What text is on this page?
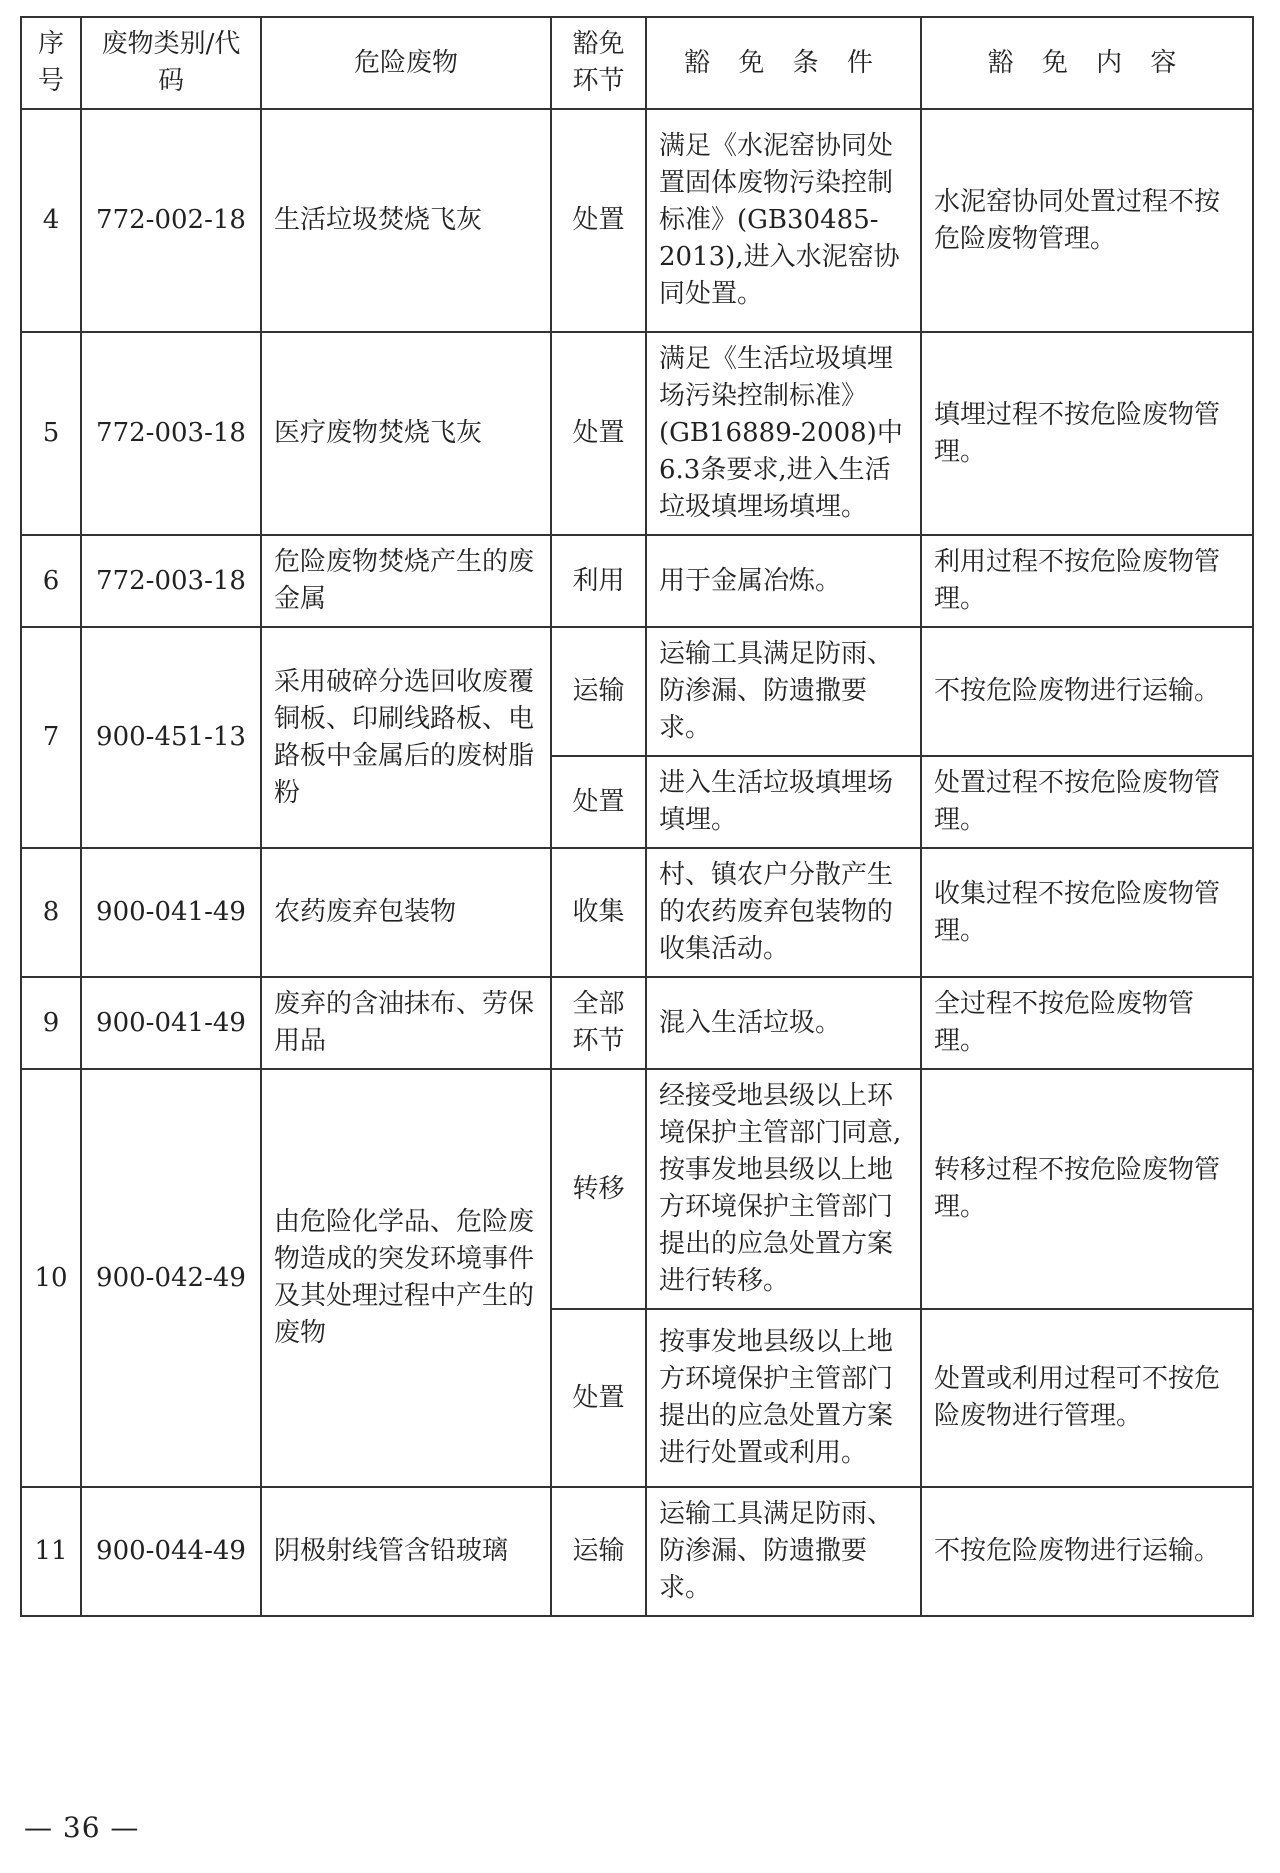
序号	废物类别/代码	危险废物	豁免环节	豁 免 条 件	豁 免 内 容
4	772-002-18	生活垃圾焚烧飞灰	处置	满足《水泥窑协同处置固体废物污染控制标准》(GB30485-2013),进入水泥窑协同处置。	水泥窑协同处置过程不按危险废物管理。
5	772-003-18	医疗废物焚烧飞灰	处置	满足《生活垃圾填埋场污染控制标准》(GB16889-2008)中6.3条要求,进入生活垃圾填埋场填埋。	填埋过程不按危险废物管理。
6	772-003-18	危险废物焚烧产生的废金属	利用	用于金属冶炼。	利用过程不按危险废物管理。
7	900-451-13	采用破碎分选回收废覆铜板、印刷线路板、电路板中金属后的废树脂粉	运输	运输工具满足防雨、防渗漏、防遗撒要求。	不按危险废物进行运输。
			处置	进入生活垃圾填埋场填埋。	处置过程不按危险废物管理。
8	900-041-49	农药废弃包装物	收集	村、镇农户分散产生的农药废弃包装物的收集活动。	收集过程不按危险废物管理。
9	900-041-49	废弃的含油抹布、劳保用品	全部环节	混入生活垃圾。	全过程不按危险废物管理。
10	900-042-49	由危险化学品、危险废物造成的突发环境事件及其处理过程中产生的废物	转移	经接受地县级以上环境保护主管部门同意,按事发地县级以上地方环境保护主管部门提出的应急处置方案进行转移。	转移过程不按危险废物管理。
			处置	按事发地县级以上地方环境保护主管部门提出的应急处置方案进行处置或利用。	处置或利用过程可不按危险废物进行管理。
11	900-044-49	阴极射线管含铅玻璃	运输	运输工具满足防雨、防渗漏、防遗撒要求。	不按危险废物进行运输。
— 36 —
